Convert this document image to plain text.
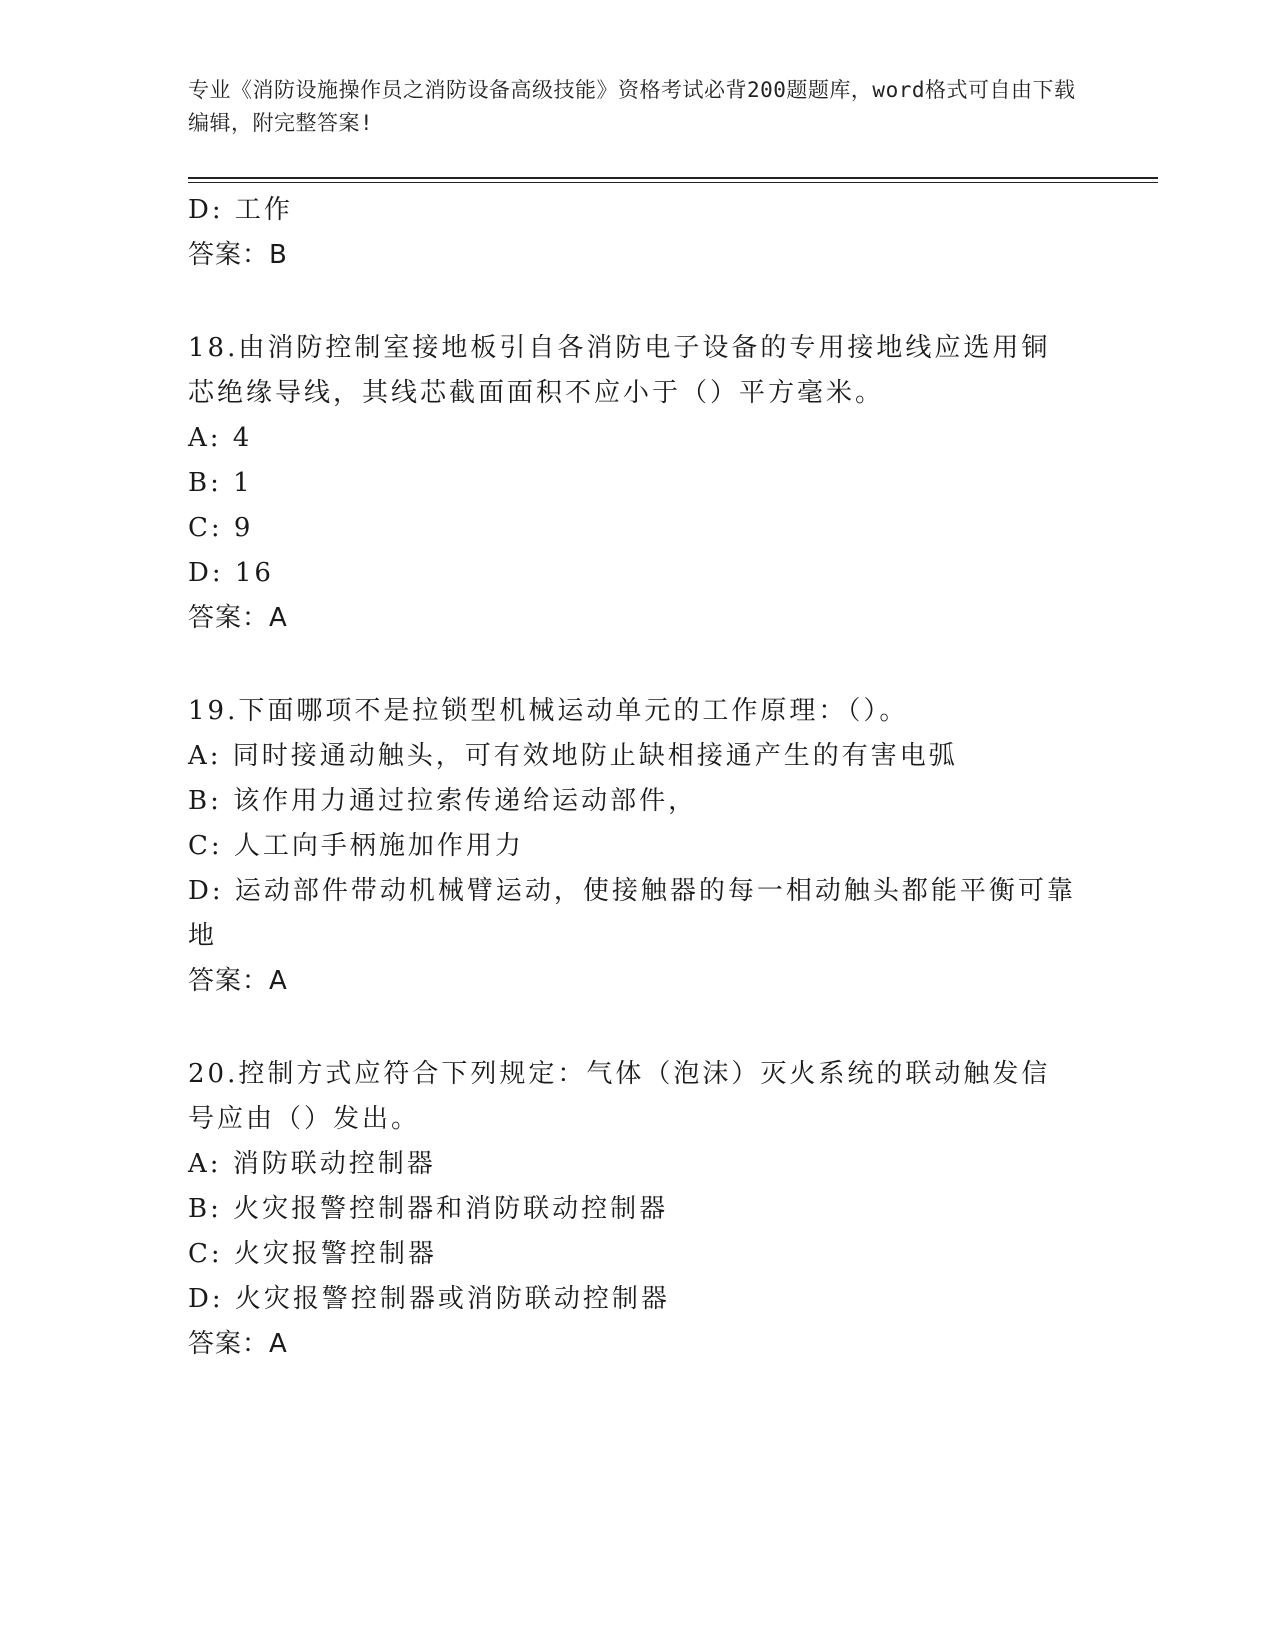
专业《消防设施操作员之消防设备高级技能》资格考试必背200题题库，word格式可自由下载编辑，附完整答案!
D: 工作
答案：B
18.由消防控制室接地板引自各消防电子设备的专用接地线应选用铜芯绝缘导线，其线芯截面面积不应小于（）平方毫米。
A: 4
B: 1
C: 9
D: 16
答案：A
19.下面哪项不是拉锁型机械运动单元的工作原理：（）。
A: 同时接通动触头，可有效地防止缺相接通产生的有害电弧
B: 该作用力通过拉索传递给运动部件，
C: 人工向手柄施加作用力
D: 运动部件带动机械臂运动，使接触器的每一相动触头都能平衡可靠地
答案：A
20.控制方式应符合下列规定：气体（泡沫）灭火系统的联动触发信号应由（）发出。
A: 消防联动控制器
B: 火灾报警控制器和消防联动控制器
C: 火灾报警控制器
D: 火灾报警控制器或消防联动控制器
答案：A
